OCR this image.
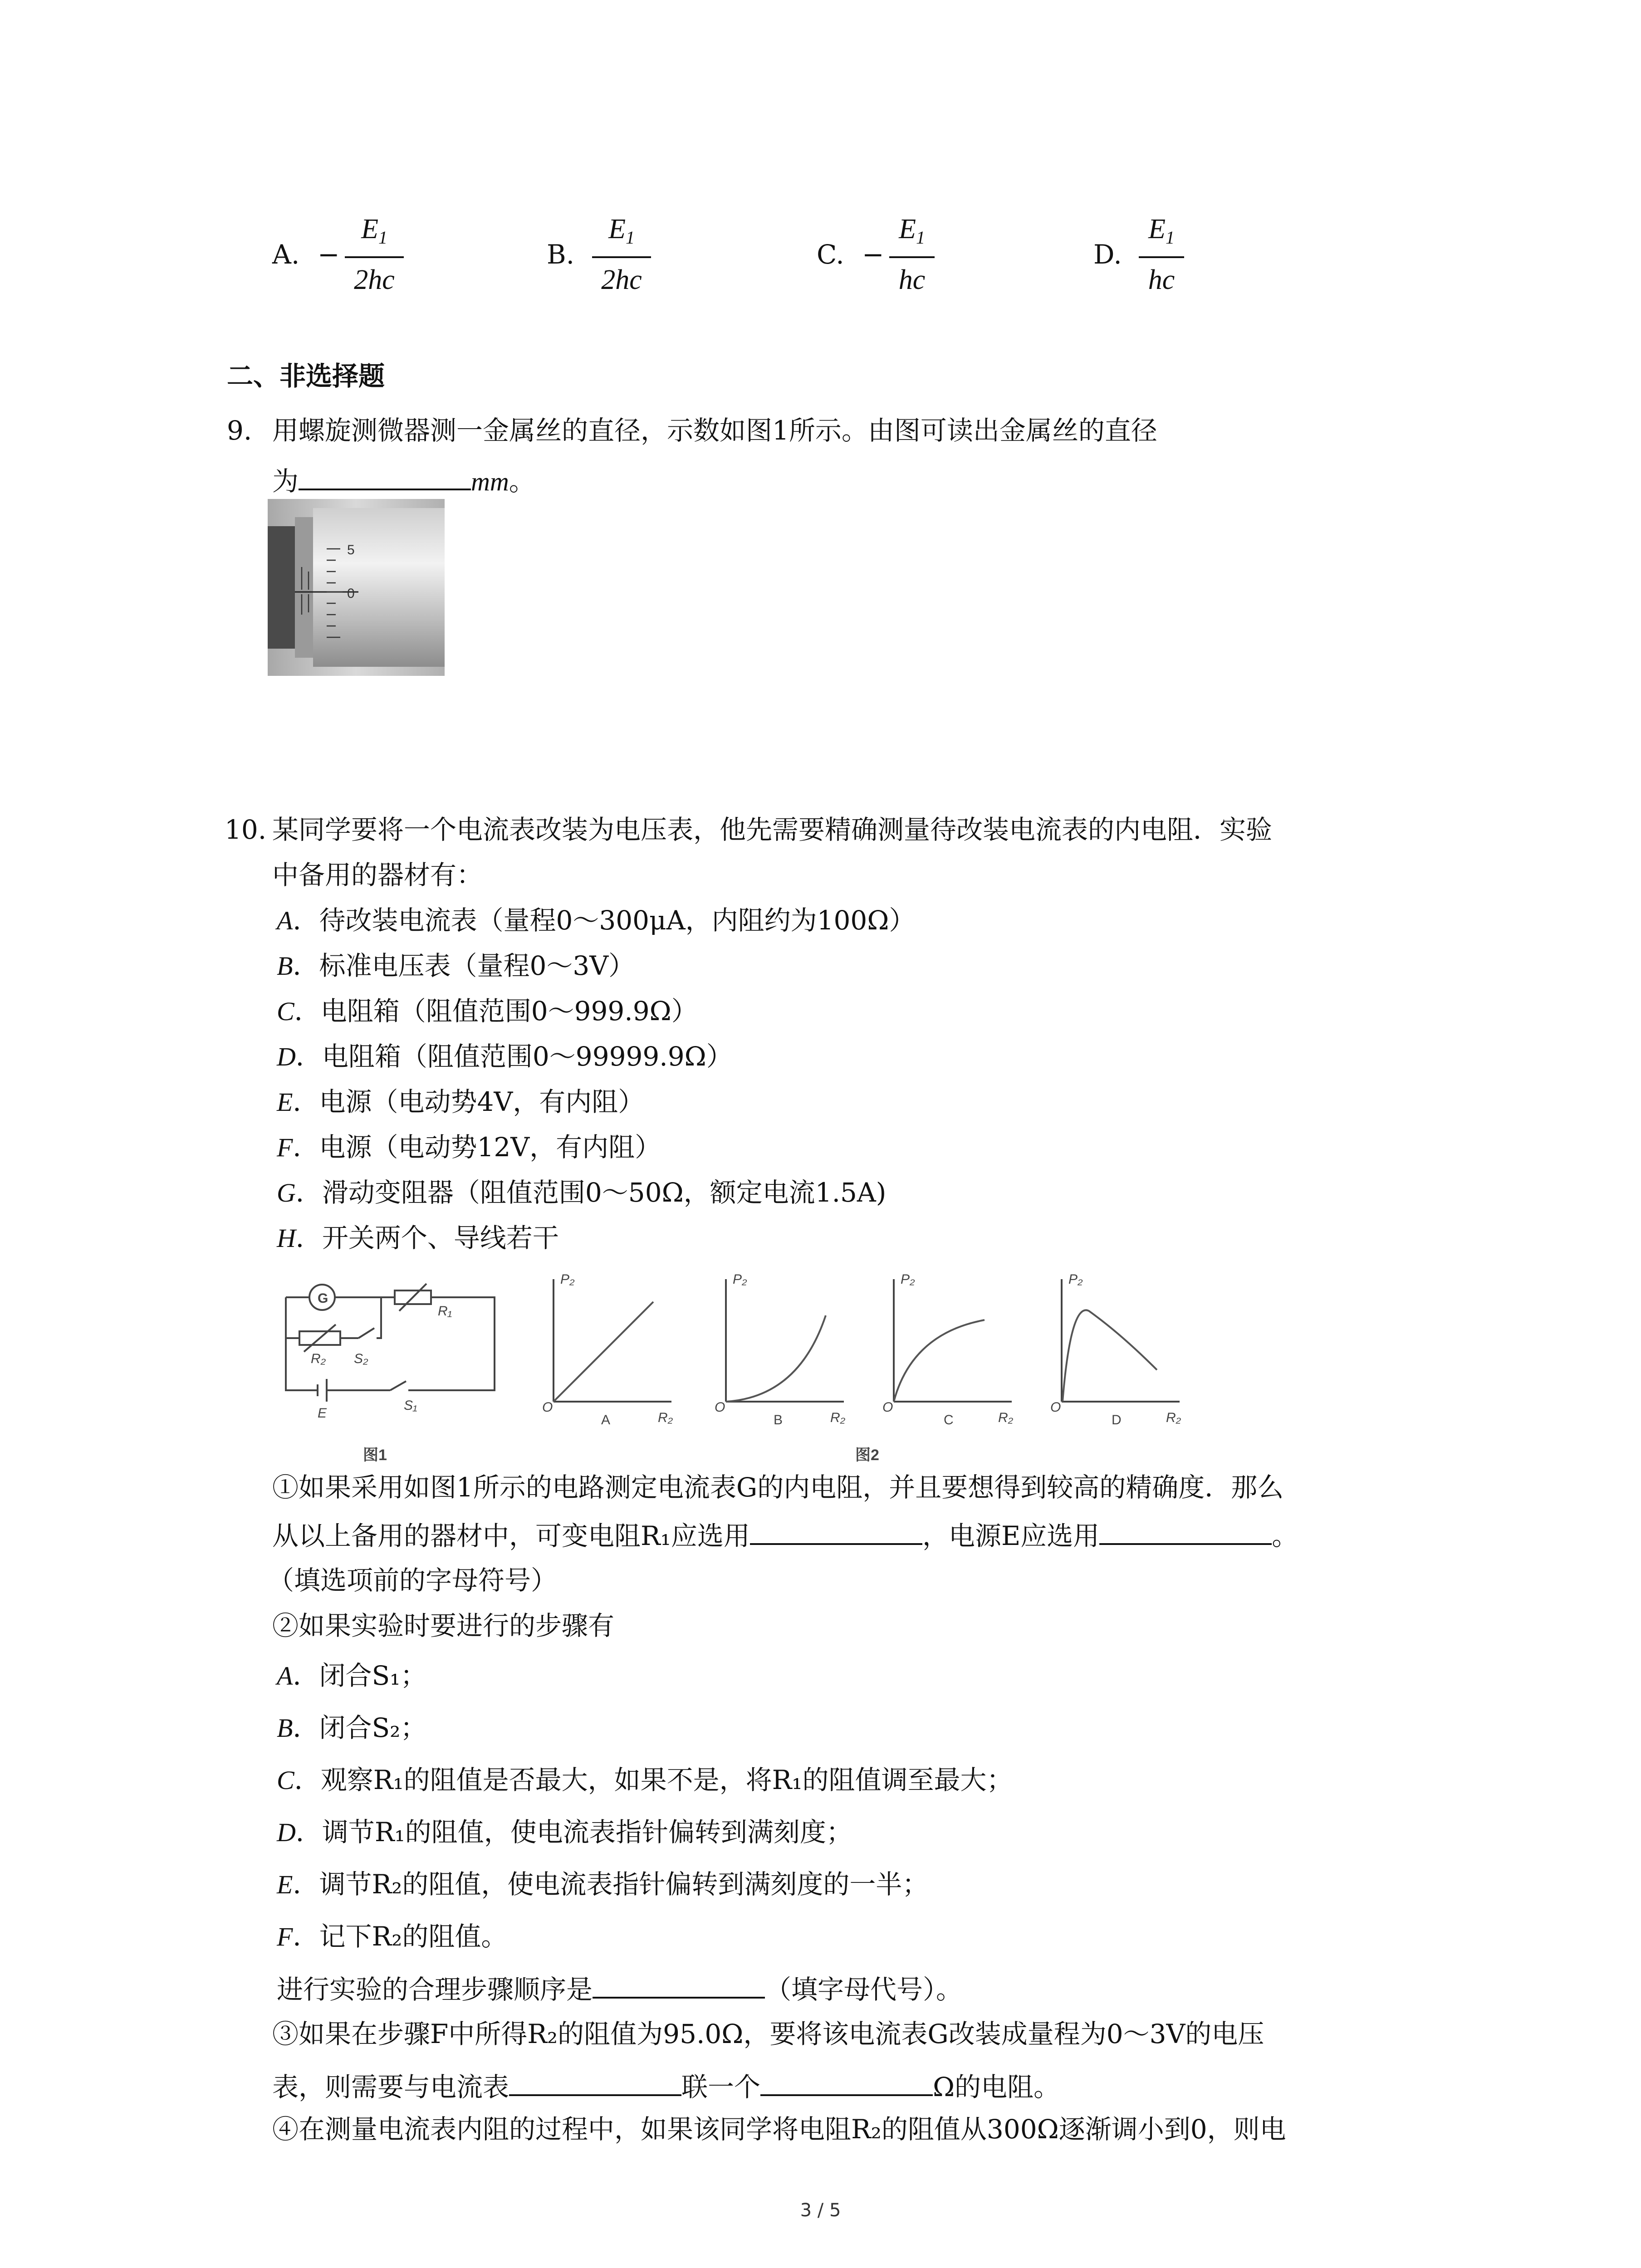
A. −
$E_1$
2hc
B.
$E_1$
2hc
C. −
$E_1$
hc
D.
$E_1$
hc
二、非选择题
9. 用螺旋测微器测一金属丝的直径，示数如图1所示。由图可读出金属丝的直径
为	mm。
5
0
10. 某同学要将一个电流表改装为电压表，他先需要精确测量待改装电流表的内电阻．实验
中备用的器材有：
A．待改装电流表（量程0～300μA，内阻约为100Ω）
B．标准电压表（量程0～3V）
C．电阻箱（阻值范围0～999.9Ω）
D．电阻箱（阻值范围0～99999.9Ω）
E．电源（电动势4V，有内阻）
F．电源（电动势12V，有内阻）
G．滑动变阻器（阻值范围0～50Ω，额定电流1.5A)
H．开关两个、导线若干
G
R₁
R₂ S₂
S₁
E
图1
P₂
R₂
O
P₂
R₂
O
P₂
R₂
O
P₂
R₂
O
A	B	C	D
图2
①如果采用如图1所示的电路测定电流表G的内电阻，并且要想得到较高的精确度．那么
从以上备用的器材中，可变电阻R₁应选用	，电源E应选用	。
（填选项前的字母符号）
②如果实验时要进行的步骤有
A．闭合S₁；
B．闭合S₂；
C．观察R₁的阻值是否最大，如果不是，将R₁的阻值调至最大；
D．调节R₁的阻值，使电流表指针偏转到满刻度；
E．调节R₂的阻值，使电流表指针偏转到满刻度的一半；
F．记下R₂的阻值。
进行实验的合理步骤顺序是	（填字母代号）。
③如果在步骤F中所得R₂的阻值为95.0Ω，要将该电流表G改装成量程为0～3V的电压
表，则需要与电流表	联一个	Ω的电阻。
④在测量电流表内阻的过程中，如果该同学将电阻R₂的阻值从300Ω逐渐调小到0，则电
3 / 5
